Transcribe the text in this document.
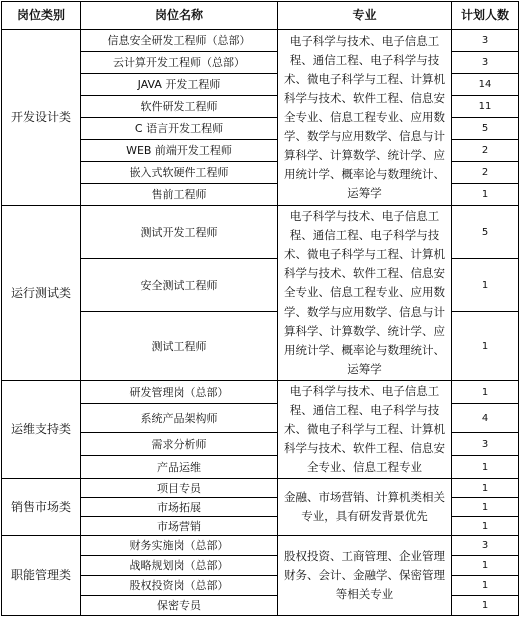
岗位类别	岗位名称	专业	计划人数
开发设计类	信息安全研发工程师（总部）	电子科学与技术、电子信息工程、通信工程、电子科学与技术、微电子科学与工程、计算机科学与技术、软件工程、信息安全专业、信息工程专业、应用数学、数学与应用数学、信息与计算科学、计算数学、统计学、应用统计学、概率论与数理统计、运筹学	3
	云计算开发工程师（总部）		3
	JAVA 开发工程师		14
	软件研发工程师		11
	C 语言开发工程师		5
	WEB 前端开发工程师		2
	嵌入式软硬件工程师		2
	售前工程师		1
运行测试类	测试开发工程师	电子科学与技术、电子信息工程、通信工程、电子科学与技术、微电子科学与工程、计算机科学与技术、软件工程、信息安全专业、信息工程专业、应用数学、数学与应用数学、信息与计算科学、计算数学、统计学、应用统计学、概率论与数理统计、运筹学	5
	安全测试工程师		1
	测试工程师		1
运维支持类	研发管理岗（总部）	电子科学与技术、电子信息工程、通信工程、电子科学与技术、微电子科学与工程、计算机科学与技术、软件工程、信息安全专业、信息工程专业	1
	系统产品架构师		4
	需求分析师		3
	产品运维		1
销售市场类	项目专员	金融、市场营销、计算机类相关专业，具有研发背景优先	1
	市场拓展		1
	市场营销		1
职能管理类	财务实施岗（总部）	股权投资、工商管理、企业管理财务、会计、金融学、保密管理等相关专业	3
	战略规划岗（总部）		1
	股权投资岗（总部）		1
	保密专员		1
